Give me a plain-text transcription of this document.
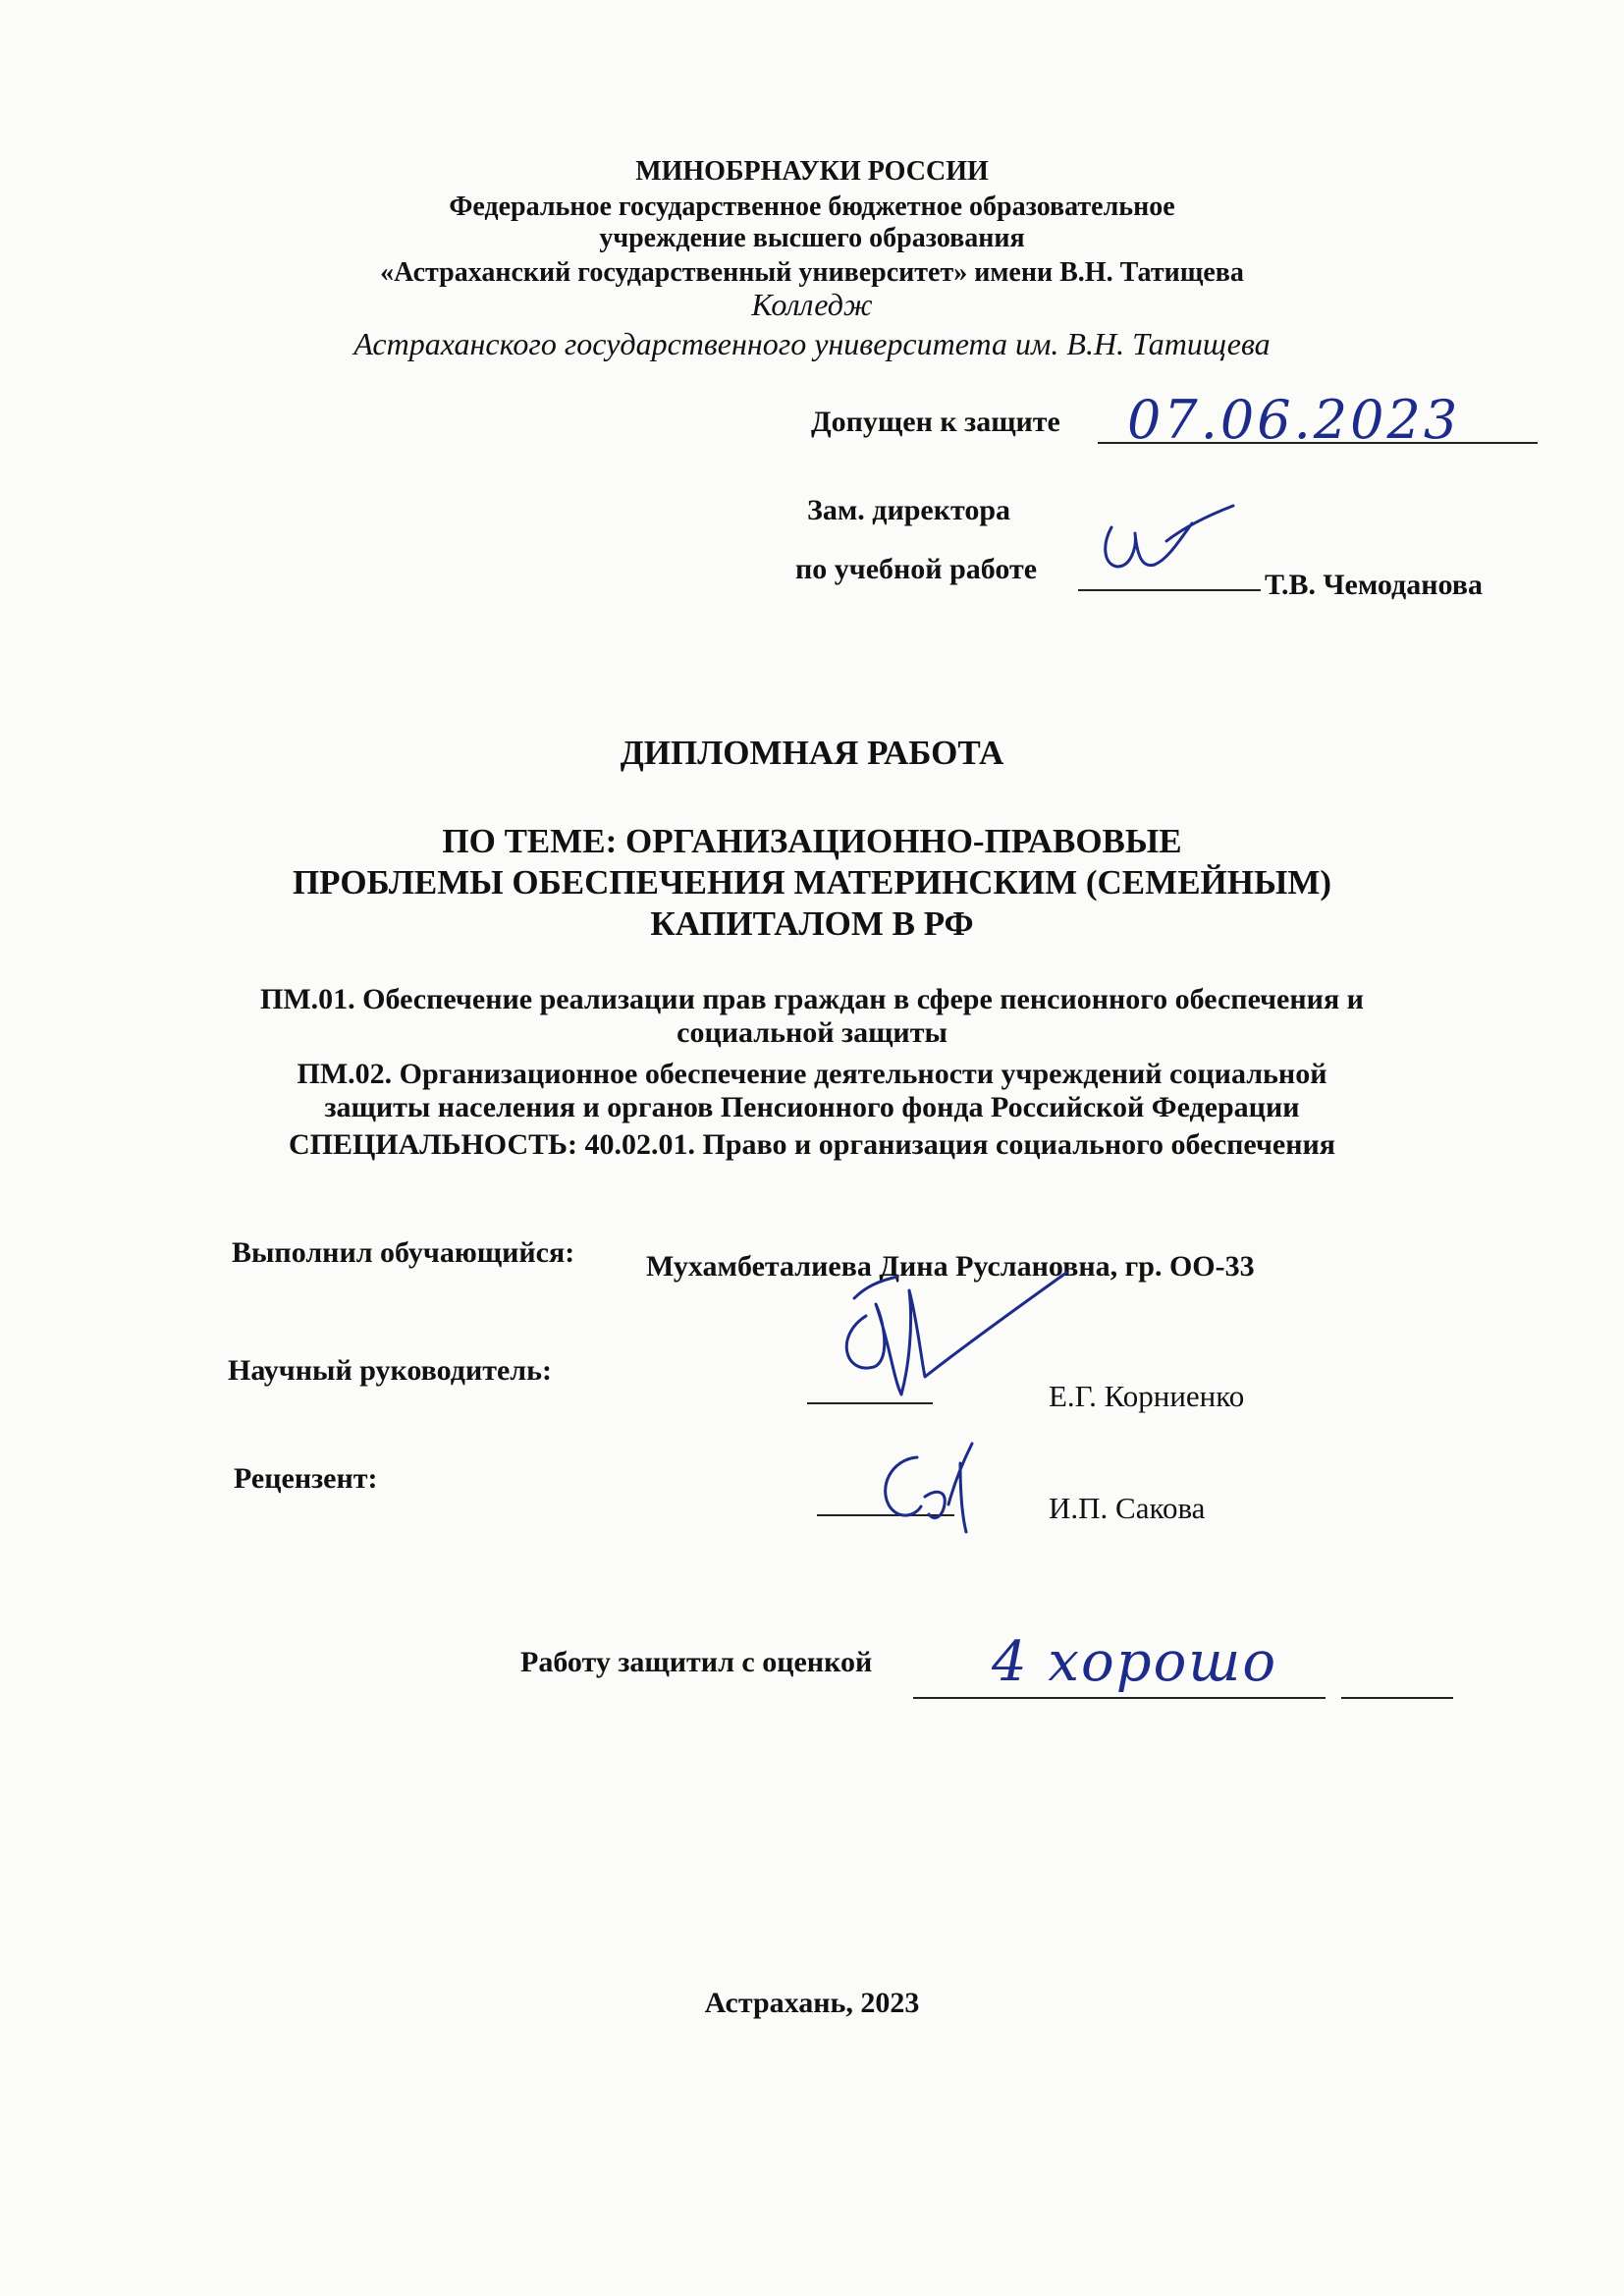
МИНОБРНАУКИ РОССИИ
Федеральное государственное бюджетное образовательное
учреждение высшего образования
«Астраханский государственный университет» имени В.Н. Татищева
Колледж
Астраханского государственного университета им. В.Н. Татищева
Допущен к защите 07.06.2023
Зам. директора
по учебной работе	Т.В. Чемоданова
ДИПЛОМНАЯ РАБОТА
ПО ТЕМЕ: ОРГАНИЗАЦИОННО-ПРАВОВЫЕ
ПРОБЛЕМЫ ОБЕСПЕЧЕНИЯ МАТЕРИНСКИМ (СЕМЕЙНЫМ)
КАПИТАЛОМ В РФ
ПМ.01. Обеспечение реализации прав граждан в сфере пенсионного обеспечения и
социальной защиты
ПМ.02. Организационное обеспечение деятельности учреждений социальной
защиты населения и органов Пенсионного фонда Российской Федерации
СПЕЦИАЛЬНОСТЬ: 40.02.01. Право и организация социального обеспечения
Выполнил обучающийся: Мухамбеталиева Дина Руслановна, гр. ОО-33
Научный руководитель:
Е.Г. Корниенко
Рецензент:
И.П. Сакова
Работу защитил с оценкой 4 хорошо
Астрахань, 2023
